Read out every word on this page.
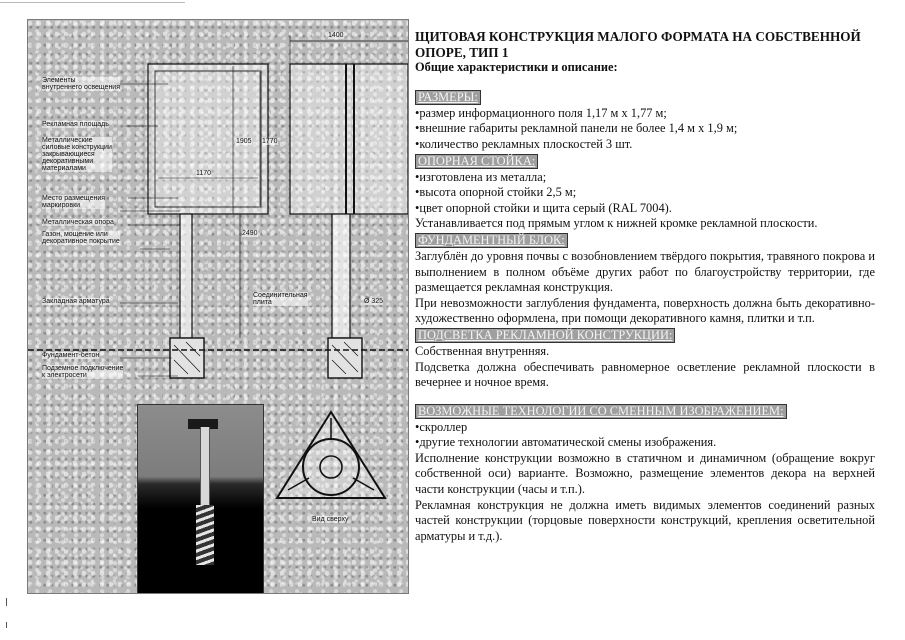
Элементы
внутреннего освещения
Рекламная площадь
Металлические
силовые конструкции
закрывающиеся
декоративными
материалами
Место размещения
маркировки
Металлическая опора
Газон, мощение или
декоративное покрытие
Закладная арматура
Фундамент-бетон
Подземное подключение
к электросети
Соединительная
плита
Вид сверху
1400
1905
1170
1770
2490
Ø 325

ЩИТОВАЯ КОНСТРУКЦИЯ МАЛОГО ФОРМАТА НА СОБСТВЕННОЙ ОПОРЕ, ТИП 1

Общие характеристики и описание:

РАЗМЕРЫ:

•размер информационного поля 1,17 м х 1,77 м;

•внешние габариты рекламной панели не более 1,4 м х 1,9 м;

•количество рекламных плоскостей 3 шт.

ОПОРНАЯ СТОЙКА:

•изготовлена из металла;

•высота опорной стойки 2,5 м;

•цвет опорной стойки и щита серый (RAL 7004).

Устанавливается под прямым углом к нижней кромке рекламной плоскости.

ФУНДАМЕНТНЫЙ БЛОК:

Заглублён до уровня почвы с возобновлением твёрдого покрытия, травяного покрова и выполнением в полном объёме других работ по благоустройству территории, где размещается рекламная конструкция.

При невозможности заглубления фундамента, поверхность должна быть декоративно-художественно оформлена, при помощи декоративного камня, плитки и т.п.

ПОДСВЕТКА РЕКЛАМНОЙ КОНСТРУКЦИИ:

Собственная внутренняя.

Подсветка должна обеспечивать равномерное осветление рекламной плоскости в вечернее и ночное время.

ВОЗМОЖНЫЕ ТЕХНОЛОГИИ СО СМЕННЫМ ИЗОБРАЖЕНИЕМ:

•скроллер

•другие технологии автоматической смены изображения.

Исполнение конструкции возможно в статичном и динамичном (обращение вокруг собственной оси) варианте. Возможно, размещение элементов декора на верхней части конструкции (часы и т.п.).

Рекламная конструкция не должна иметь видимых элементов соединений разных частей конструкции (торцовые поверхности конструкций, крепления осветительной арматуры и т.д.).
